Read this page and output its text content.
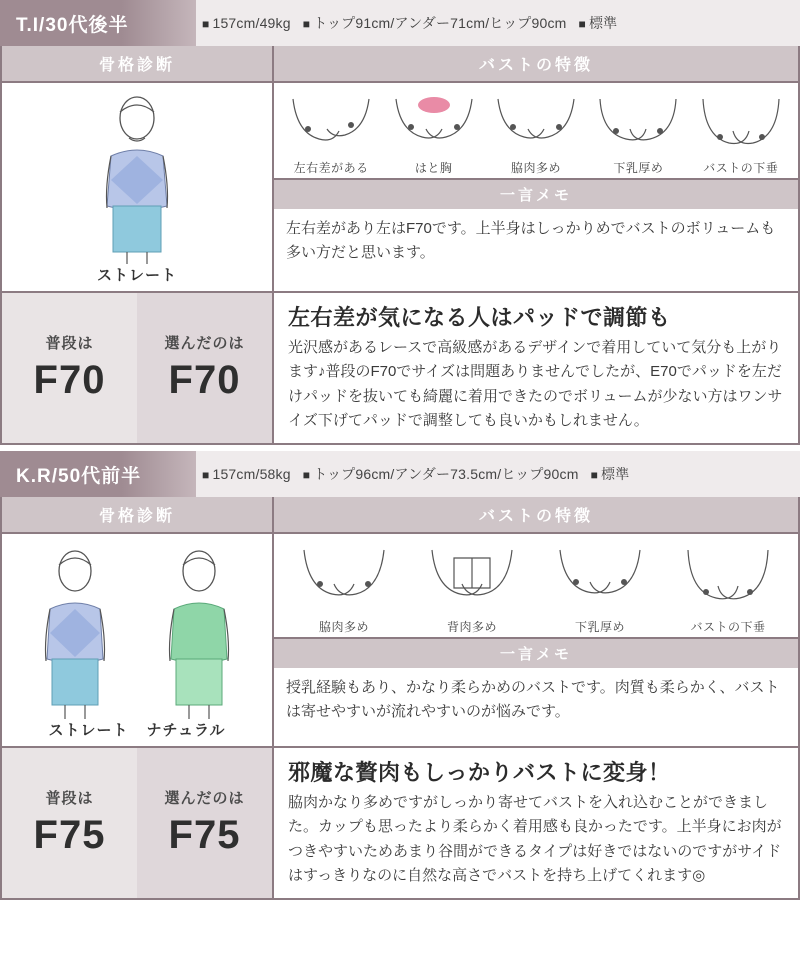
T.I/30代後半	■ 157cm/49kg ■ トップ91cm/アンダー71cm/ヒップ90cm ■ 標準
骨格診断	バストの特徴
ストレート
左右差がある	はと胸	脇肉多め	下乳厚め	バストの下垂
一言メモ
左右差があり左はF70です。上半身はしっかりめでバストのボリュームも多い方だと思います。
普段は
F70
選んだのは
F70
左右差が気になる人はパッドで調節も

光沢感があるレースで高級感があるデザインで着用していて気分も上がります♪普段のF70でサイズは問題ありませんでしたが、E70でパッドを左だけパッドを抜いても綺麗に着用できたのでボリュームが少ない方はワンサイズ下げてパッドで調整しても良いかもしれません。

K.R/50代前半	■ 157cm/58kg ■ トップ96cm/アンダー73.5cm/ヒップ90cm ■ 標準
骨格診断	バストの特徴
ストレート ナチュラル
脇肉多め	背肉多め	下乳厚め	バストの下垂
一言メモ
授乳経験もあり、かなり柔らかめのバストです。肉質も柔らかく、バストは寄せやすいが流れやすいのが悩みです。
普段は
F75
選んだのは
F75
邪魔な贅肉もしっかりバストに変身！

脇肉かなり多めですがしっかり寄せてバストを入れ込むことができました。カップも思ったより柔らかく着用感も良かったです。上半身にお肉がつきやすいためあまり谷間ができるタイプは好きではないのですがサイドはすっきりなのに自然な高さでバストを持ち上げてくれます◎
